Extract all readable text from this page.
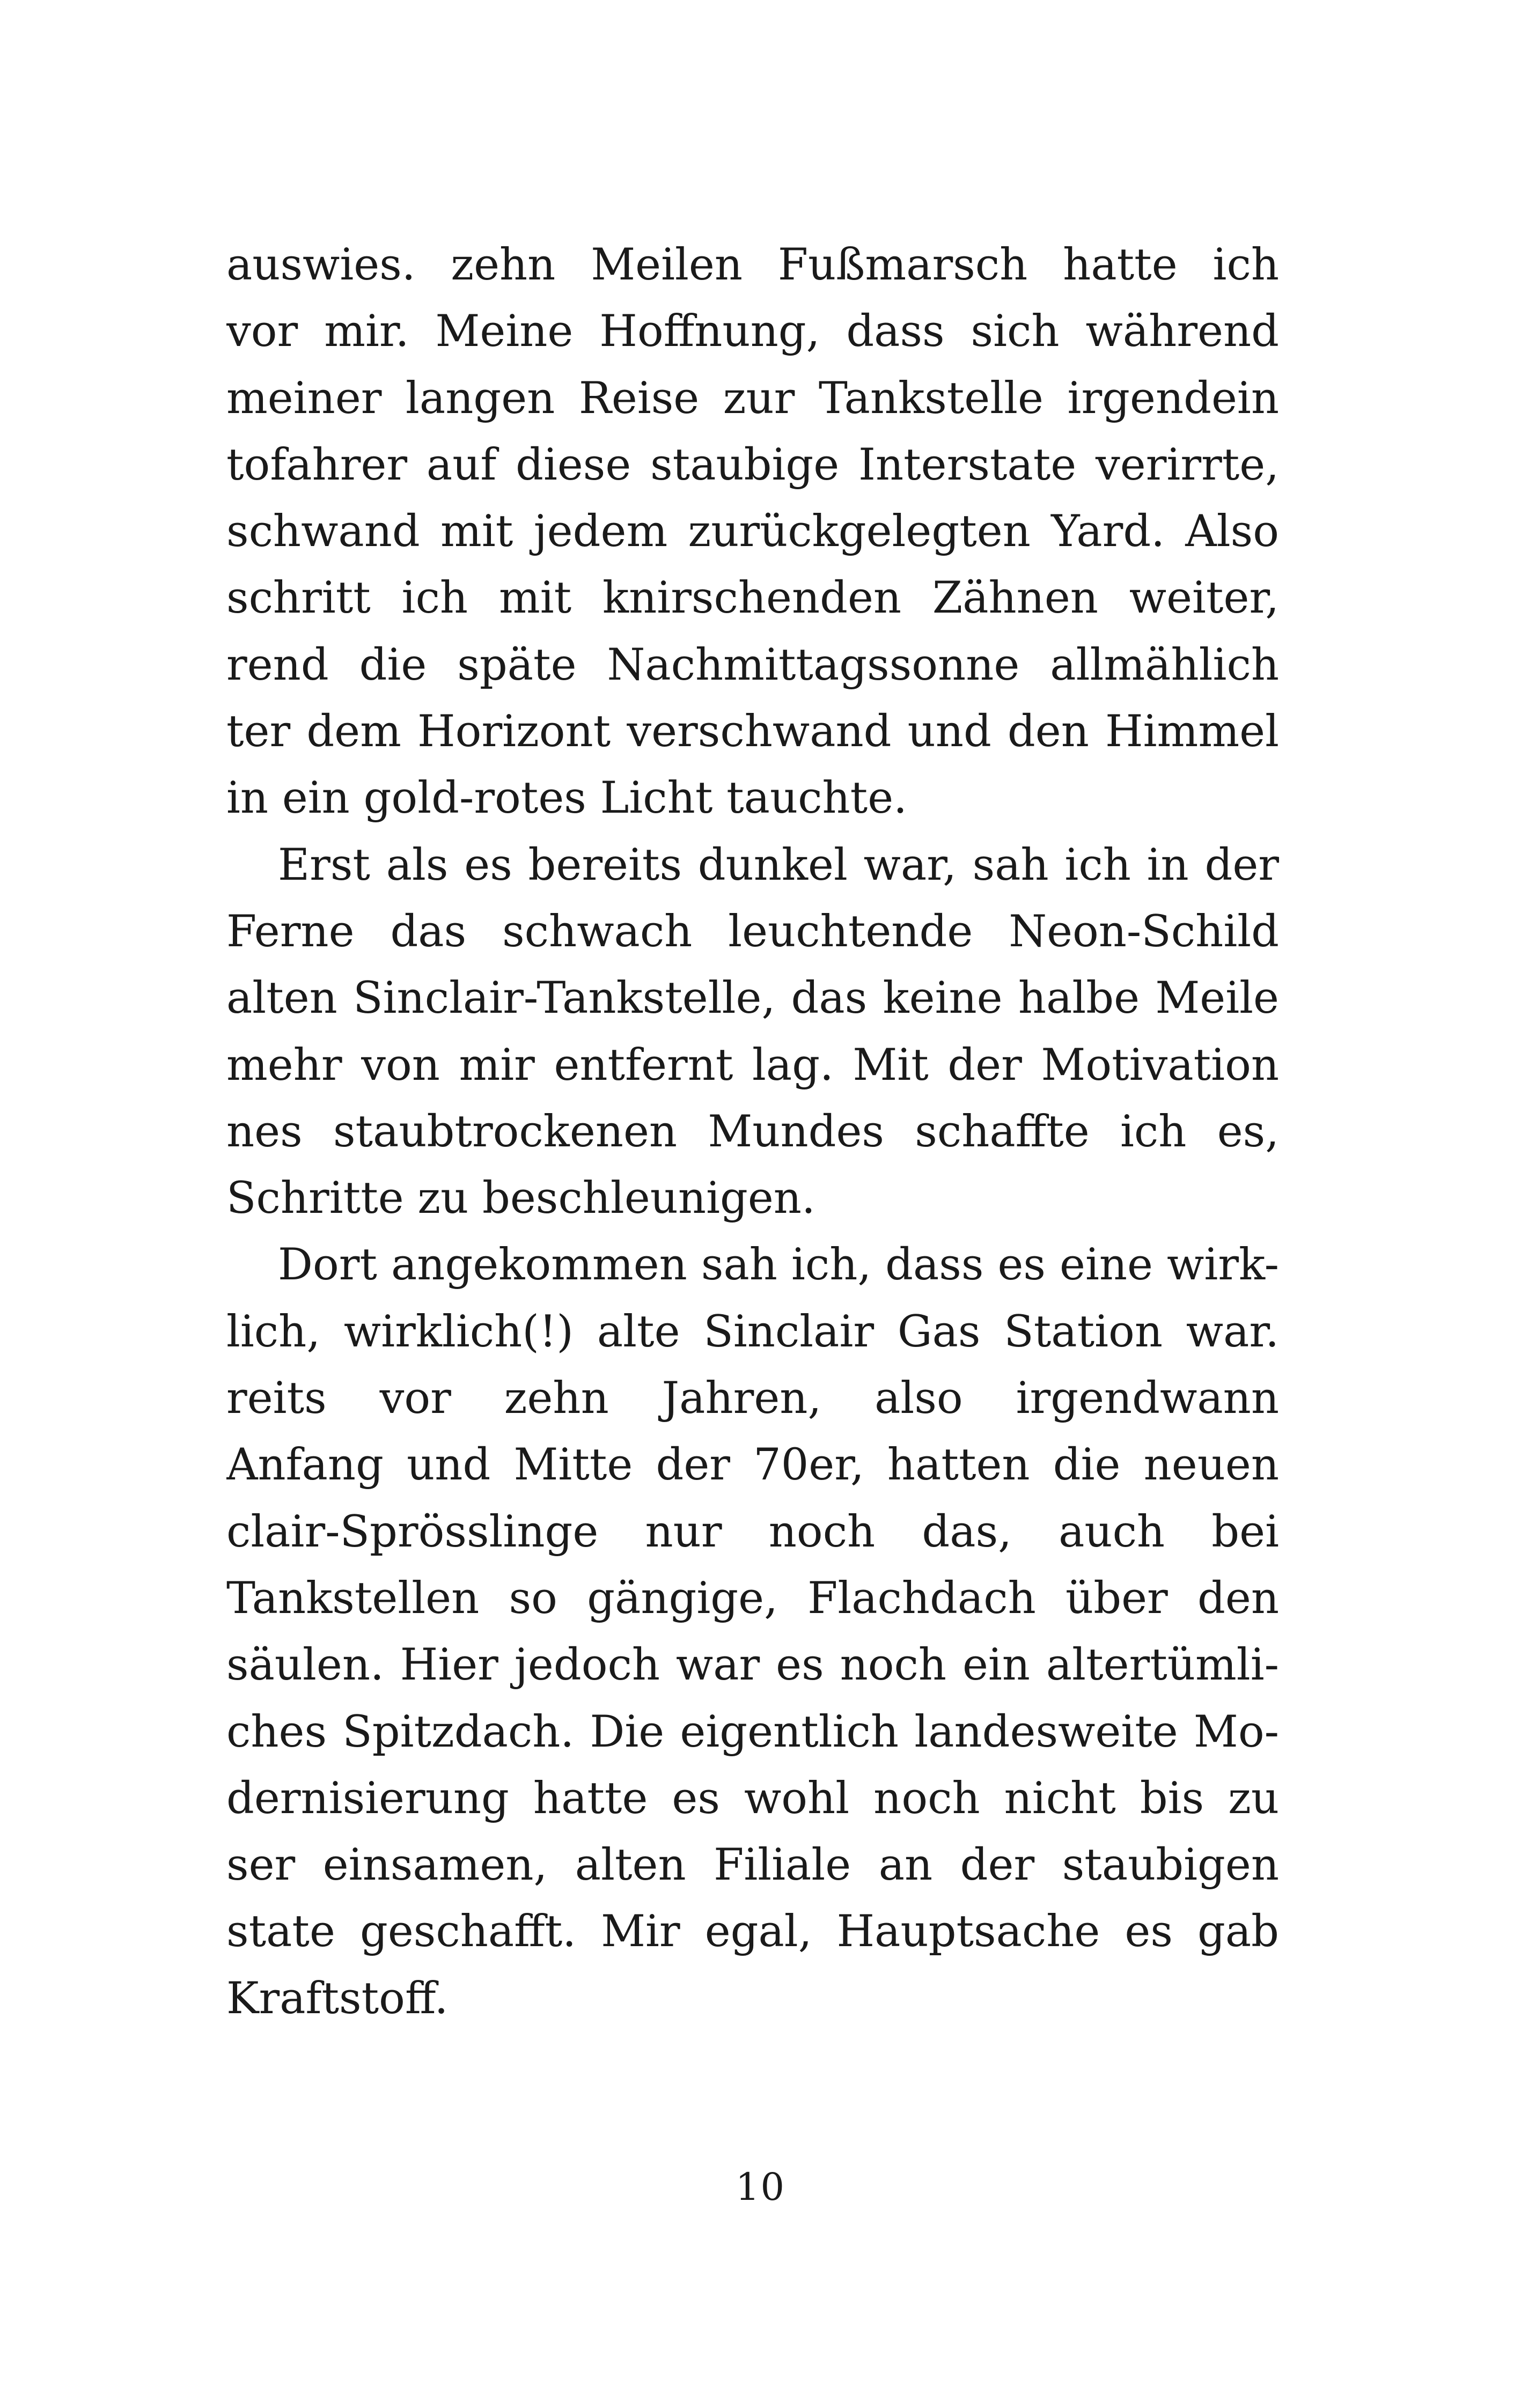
auswies. zehn Meilen Fußmarsch hatte ich
vor mir. Meine Hoffnung, dass sich während
meiner langen Reise zur Tankstelle irgendein
tofahrer auf diese staubige Interstate verirrte,
schwand mit jedem zurückgelegten Yard. Also
schritt ich mit knirschenden Zähnen weiter,
rend die späte Nachmittagssonne allmählich
ter dem Horizont verschwand und den Himmel
in ein gold-rotes Licht tauchte.
Erst als es bereits dunkel war, sah ich in der
Ferne das schwach leuchtende Neon-Schild
alten Sinclair-Tankstelle, das keine halbe Meile
mehr von mir entfernt lag. Mit der Motivation
nes staubtrockenen Mundes schaffte ich es,
Schritte zu beschleunigen.
Dort angekommen sah ich, dass es eine wirk-
lich, wirklich(!) alte Sinclair Gas Station war.
reits vor zehn Jahren, also irgendwann
Anfang und Mitte der 70er, hatten die neuen
clair-Sprösslinge nur noch das, auch bei
Tankstellen so gängige, Flachdach über den
säulen. Hier jedoch war es noch ein altertümli-
ches Spitzdach. Die eigentlich landesweite Mo-
dernisierung hatte es wohl noch nicht bis zu
ser einsamen, alten Filiale an der staubigen
state geschafft. Mir egal, Hauptsache es gab
Kraftstoff.
10
